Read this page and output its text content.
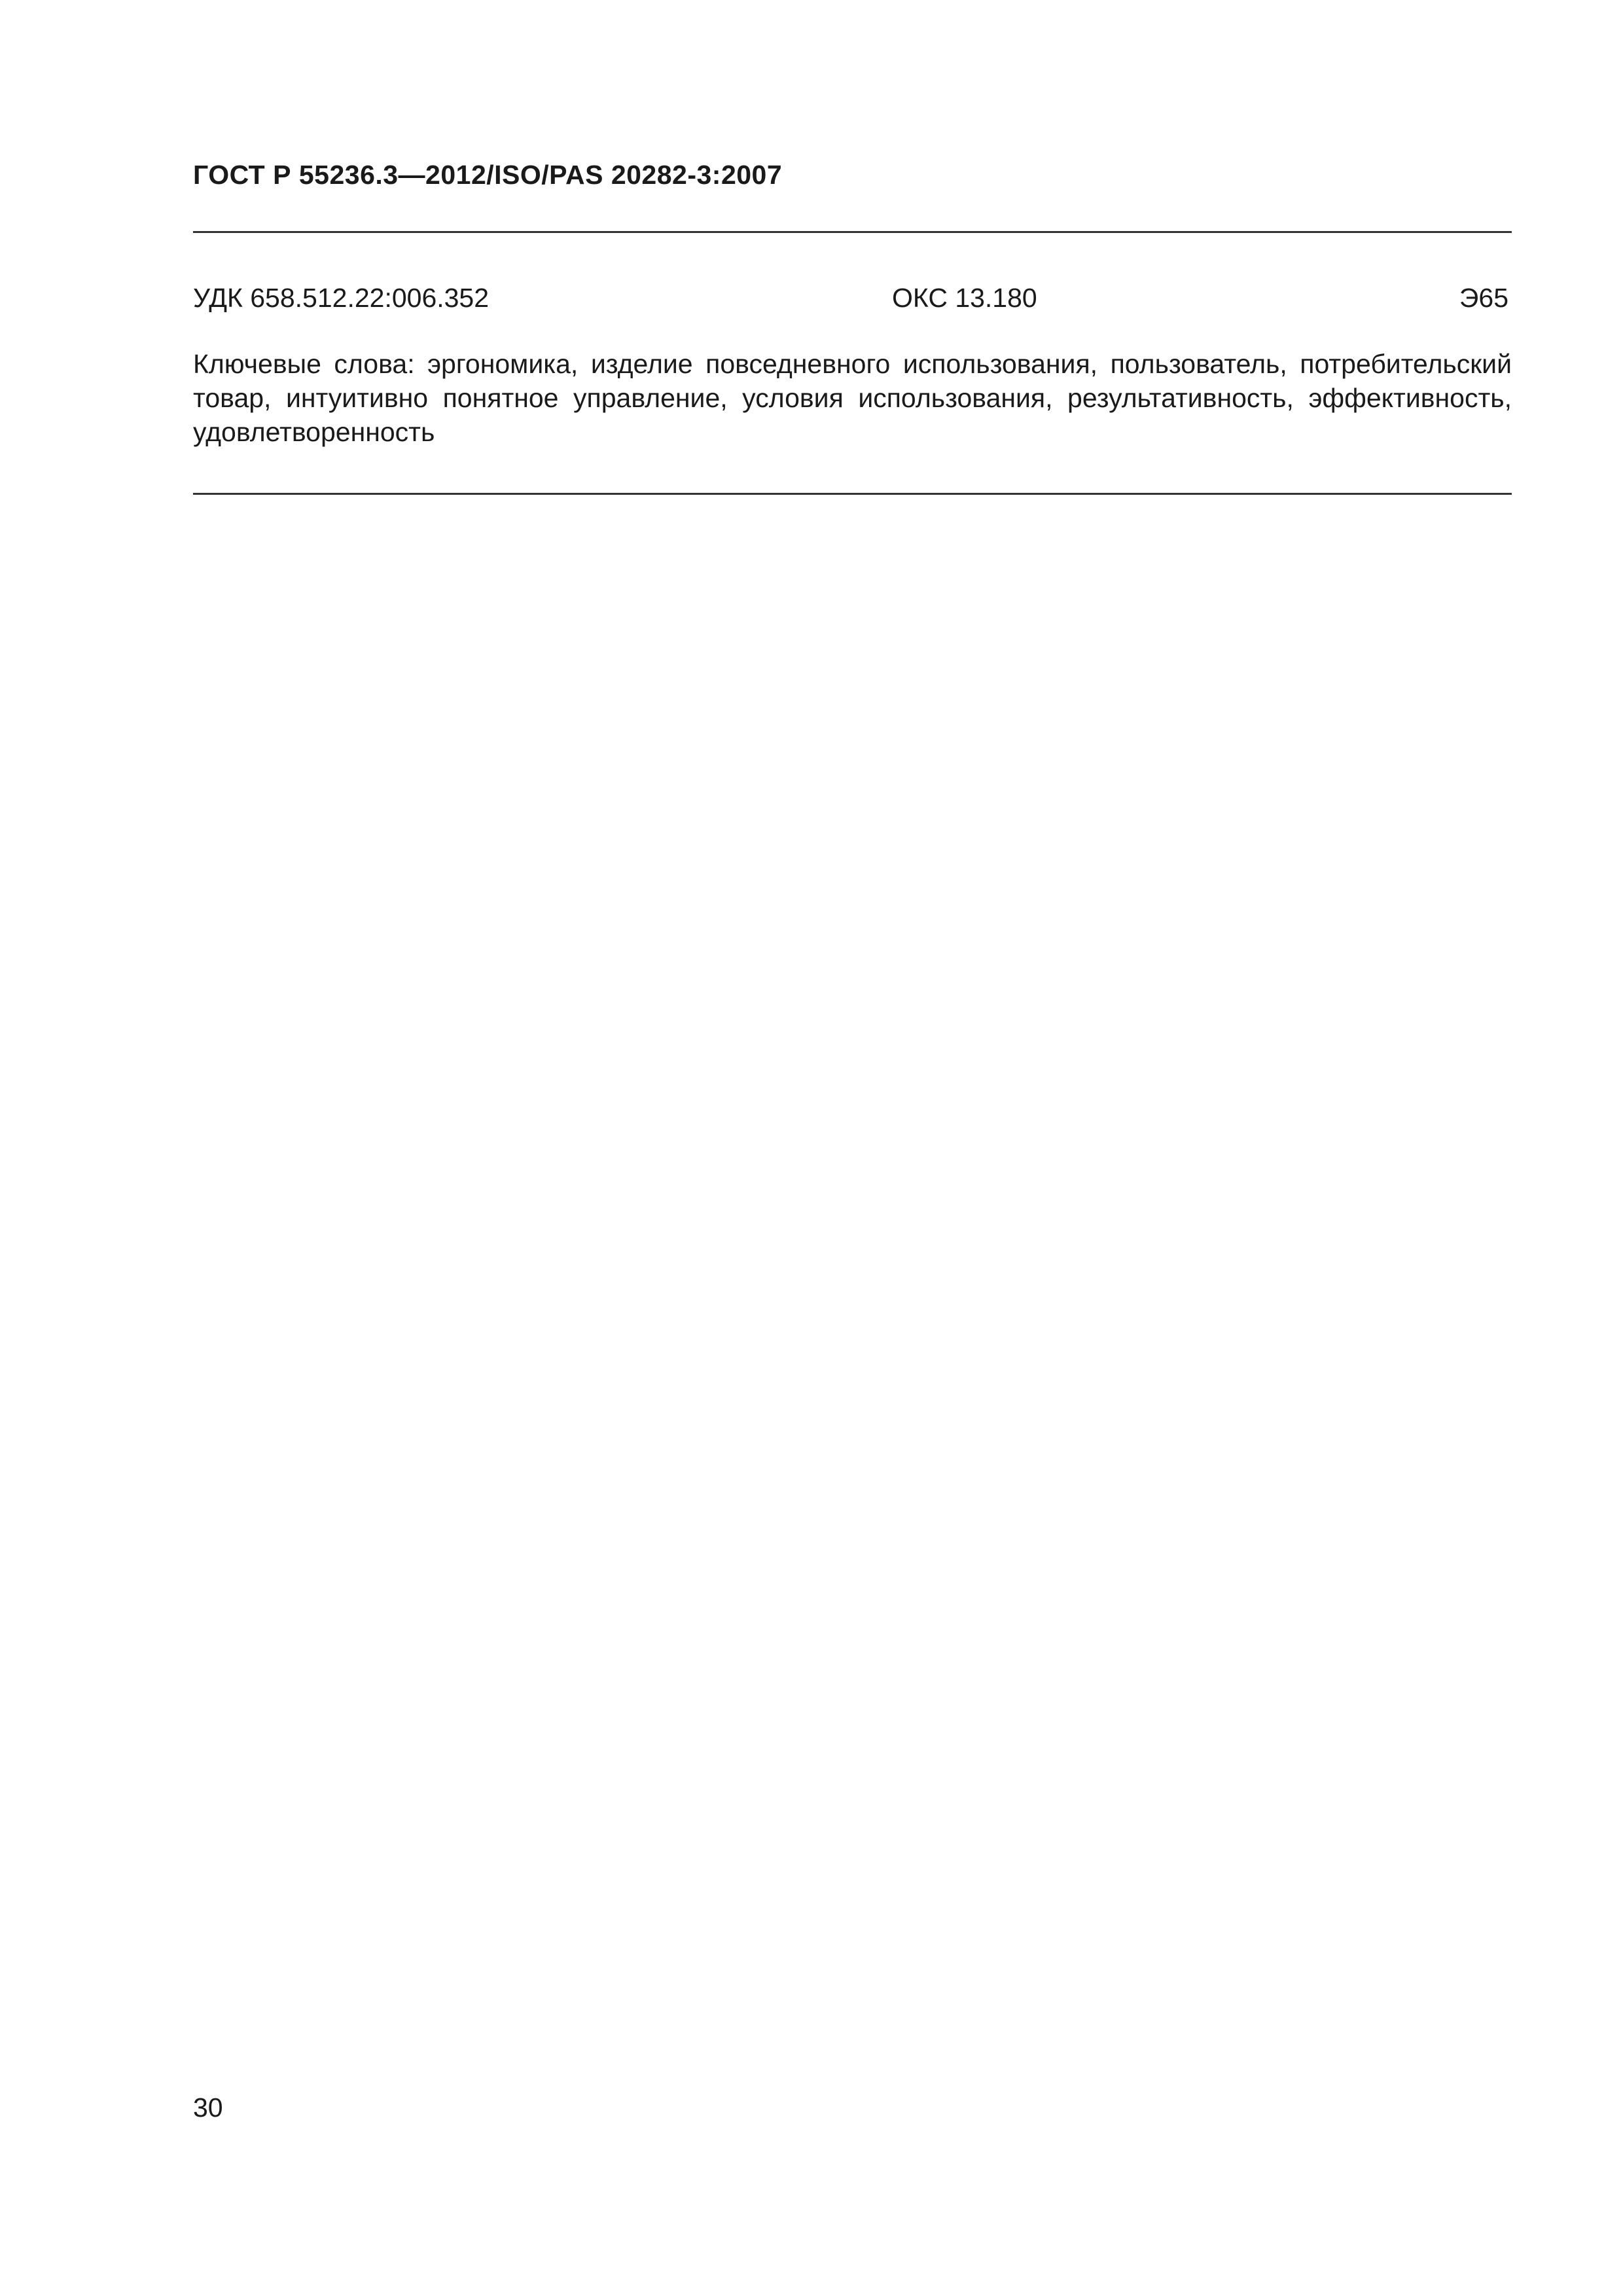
ГОСТ Р 55236.3—2012/ISO/PAS 20282-3:2007
УДК 658.512.22:006.352	ОКС 13.180	Э65
Ключевые слова: эргономика, изделие повседневного использования, пользователь, потребительский товар, интуитивно понятное управление, условия использования, результативность, эффективность, удовлетворенность
30
